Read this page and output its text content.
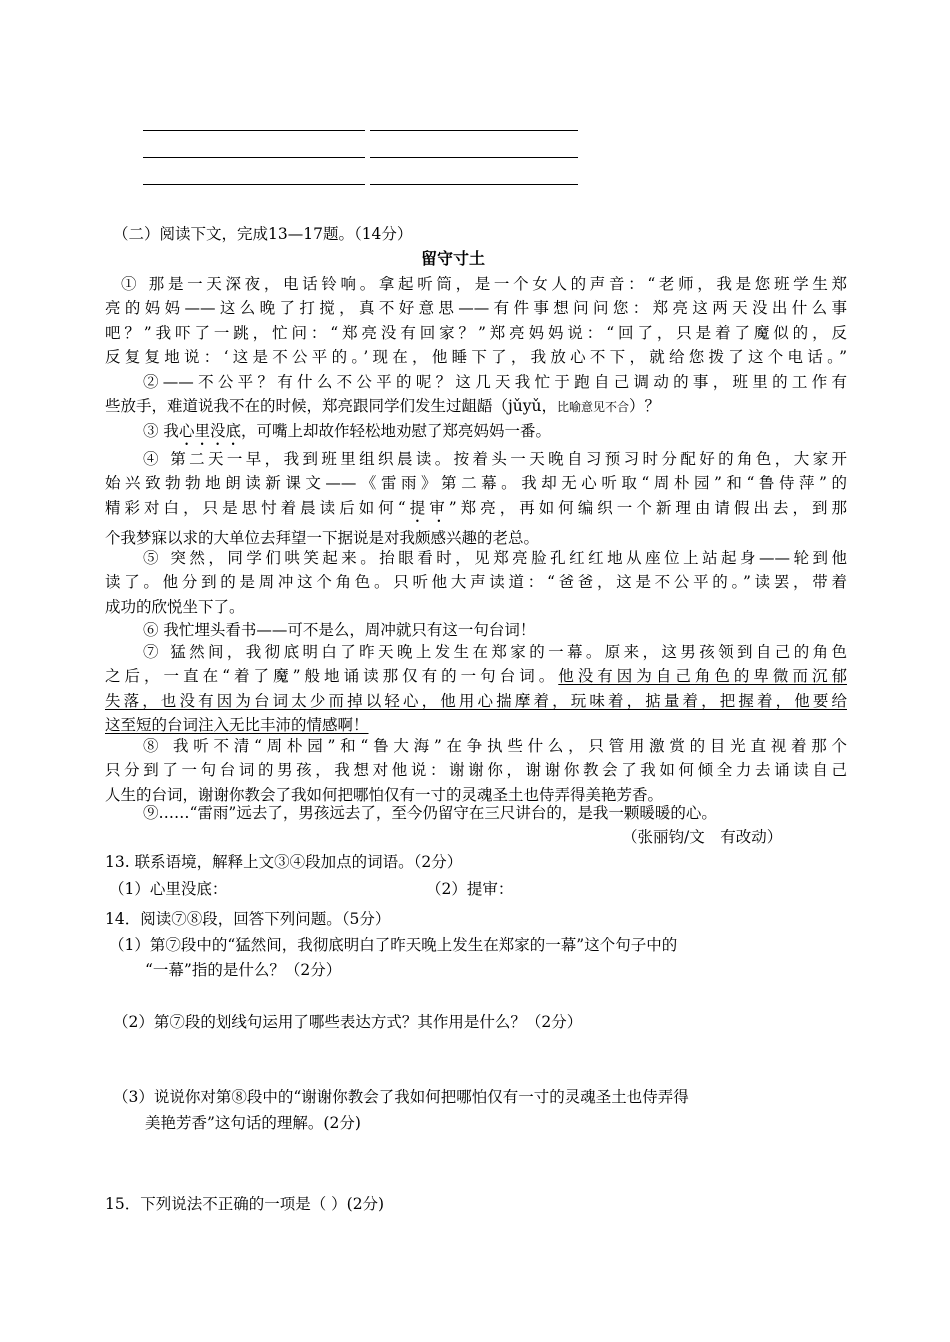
（二）阅读下文，完成13—17题。（14分）
留守寸土
① 那是一天深夜，电话铃响。拿起听筒，是一个女人的声音：“老师，我是您班学生郑
亮的妈妈——这么晚了打搅，真不好意思——有件事想问问您：郑亮这两天没出什么事
吧？”我吓了一跳，忙问：“郑亮没有回家？”郑亮妈妈说：“回了，只是着了魔似的，反
反复复地说：‘这是不公平的。’现在，他睡下了，我放心不下，就给您拨了这个电话。”
②——不公平？有什么不公平的呢？这几天我忙于跑自己调动的事，班里的工作有
些放手，难道说我不在的时候，郑亮跟同学们发生过龃龉（jǔyǔ，比喻意见不合）？
③ 我心里没底，可嘴上却故作轻松地劝慰了郑亮妈妈一番。
④ 第二天一早，我到班里组织晨读。按着头一天晚自习预习时分配好的角色，大家开
始兴致勃勃地朗读新课文——《雷雨》第二幕。我却无心听取“周朴园”和“鲁侍萍”的
精彩对白，只是思忖着晨读后如何“提审”郑亮，再如何编织一个新理由请假出去，到那
个我梦寐以求的大单位去拜望一下据说是对我颇感兴趣的老总。
⑤ 突然，同学们哄笑起来。抬眼看时，见郑亮脸孔红红地从座位上站起身——轮到他
读了。他分到的是周冲这个角色。只听他大声读道：“爸爸，这是不公平的。”读罢，带着
成功的欣悦坐下了。
⑥ 我忙埋头看书——可不是么，周冲就只有这一句台词！
⑦ 猛然间，我彻底明白了昨天晚上发生在郑家的一幕。原来，这男孩领到自己的角色
之后，一直在“着了魔”般地诵读那仅有的一句台词。他没有因为自己角色的卑微而沉郁
失落，也没有因为台词太少而掉以轻心，他用心揣摩着，玩味着，掂量着，把握着，他要给
这至短的台词注入无比丰沛的情感啊！
⑧ 我听不清“周朴园”和“鲁大海”在争执些什么，只管用激赏的目光直视着那个
只分到了一句台词的男孩，我想对他说：谢谢你，谢谢你教会了我如何倾全力去诵读自己
人生的台词，谢谢你教会了我如何把哪怕仅有一寸的灵魂圣土也侍弄得美艳芳香。
⑨……“雷雨”远去了，男孩远去了，至今仍留守在三尺讲台的，是我一颗暖暖的心。
（张丽钧/文　有改动）
13. 联系语境，解释上文③④段加点的词语。（2分）
（1）心里没底：	（2）提审：
14．阅读⑦⑧段，回答下列问题。（5分）
（1）第⑦段中的“猛然间，我彻底明白了昨天晚上发生在郑家的一幕”这个句子中的
“一幕”指的是什么？（2分）
（2）第⑦段的划线句运用了哪些表达方式？其作用是什么？（2分）
（3）说说你对第⑧段中的“谢谢你教会了我如何把哪怕仅有一寸的灵魂圣土也侍弄得
美艳芳香”这句话的理解。(2分)
15．下列说法不正确的一项是（ ）(2分)
